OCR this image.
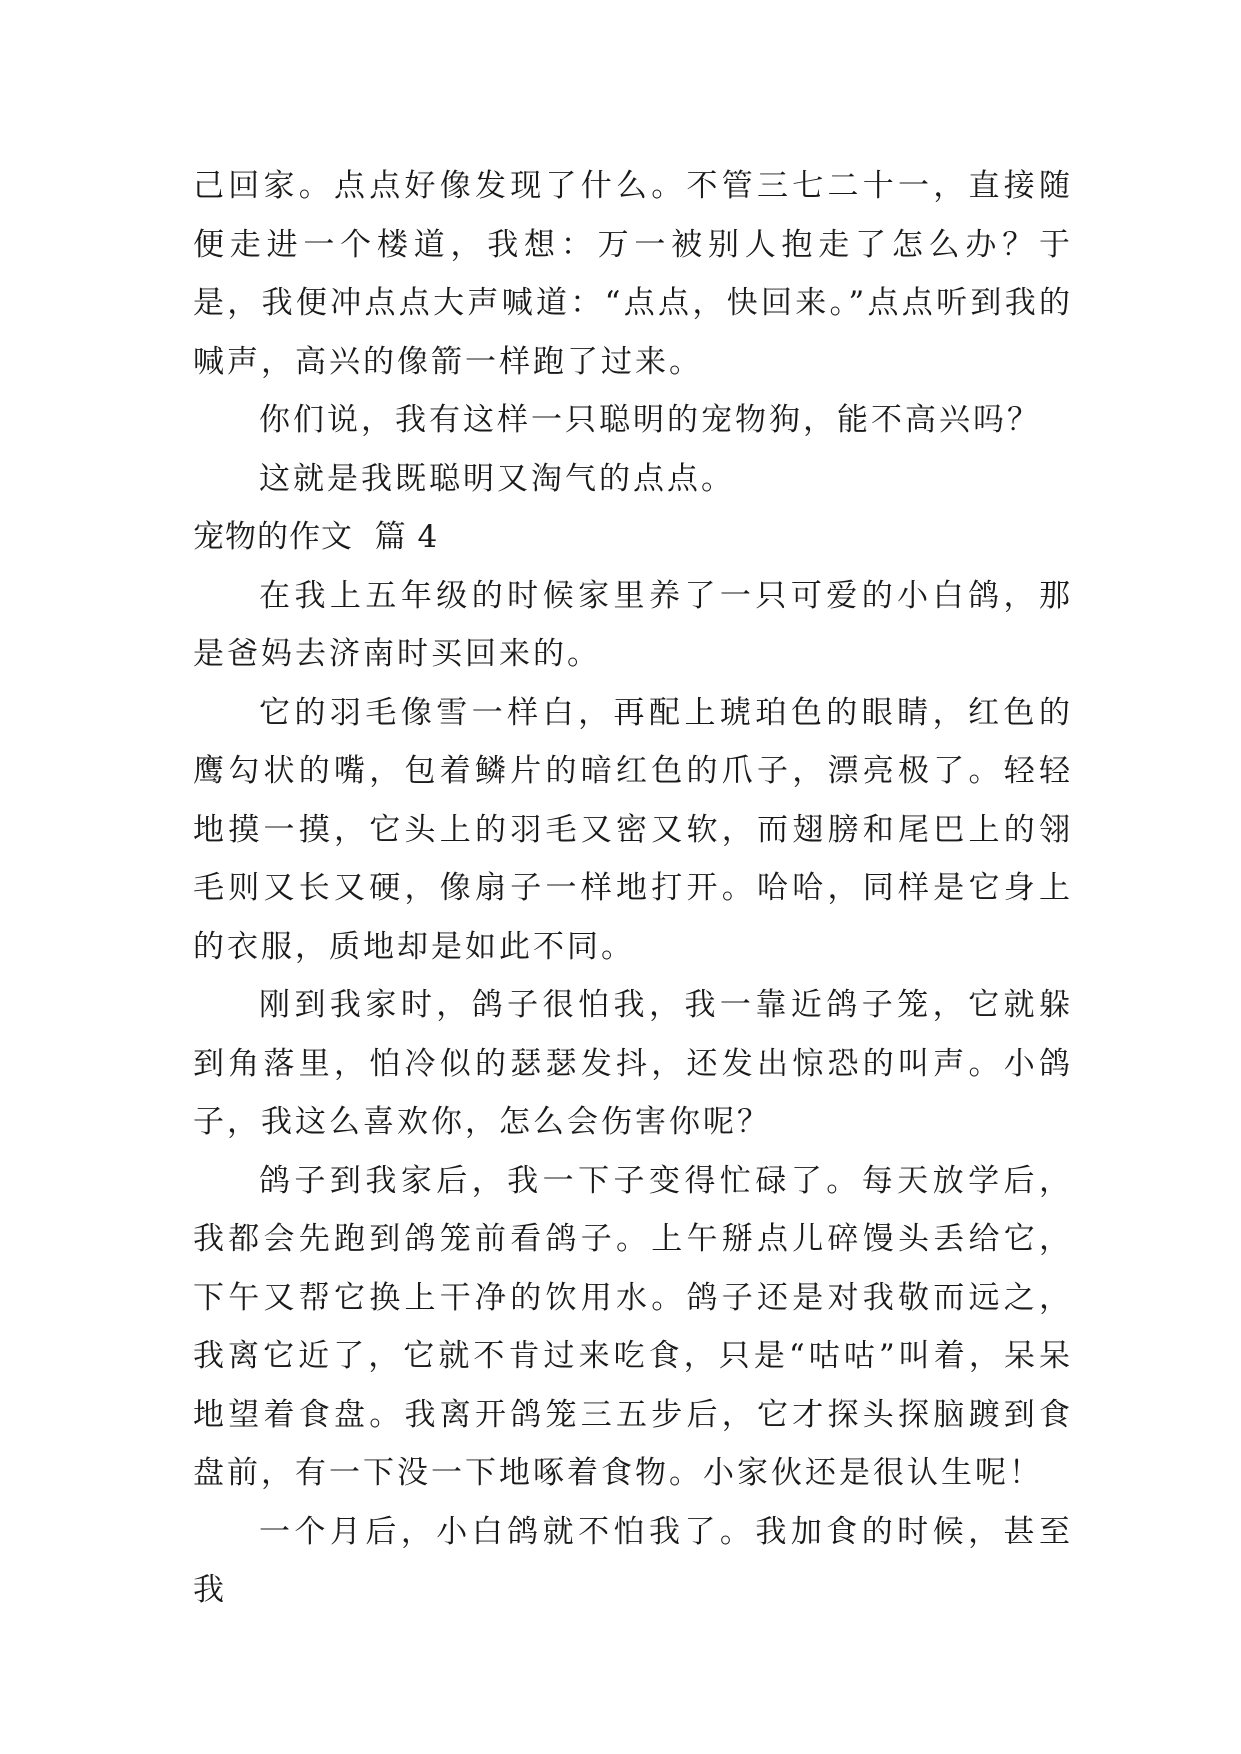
己回家。点点好像发现了什么。不管三七二十一，直接随便走进一个楼道，我想：万一被别人抱走了怎么办？于是，我便冲点点大声喊道：“点点，快回来。”点点听到我的喊声，高兴的像箭一样跑了过来。

你们说，我有这样一只聪明的宠物狗，能不高兴吗？

这就是我既聪明又淘气的点点。

宠物的作文  篇 4

在我上五年级的时候家里养了一只可爱的小白鸽，那是爸妈去济南时买回来的。

它的羽毛像雪一样白，再配上琥珀色的眼睛，红色的鹰勾状的嘴，包着鳞片的暗红色的爪子，漂亮极了。轻轻地摸一摸，它头上的羽毛又密又软，而翅膀和尾巴上的翎毛则又长又硬，像扇子一样地打开。哈哈，同样是它身上的衣服，质地却是如此不同。

刚到我家时，鸽子很怕我，我一靠近鸽子笼，它就躲到角落里，怕冷似的瑟瑟发抖，还发出惊恐的叫声。小鸽子，我这么喜欢你，怎么会伤害你呢？

鸽子到我家后，我一下子变得忙碌了。每天放学后，我都会先跑到鸽笼前看鸽子。上午掰点儿碎馒头丢给它，下午又帮它换上干净的饮用水。鸽子还是对我敬而远之，我离它近了，它就不肯过来吃食，只是“咕咕”叫着，呆呆地望着食盘。我离开鸽笼三五步后，它才探头探脑踱到食盘前，有一下没一下地啄着食物。小家伙还是很认生呢！

一个月后，小白鸽就不怕我了。我加食的时候，甚至我
